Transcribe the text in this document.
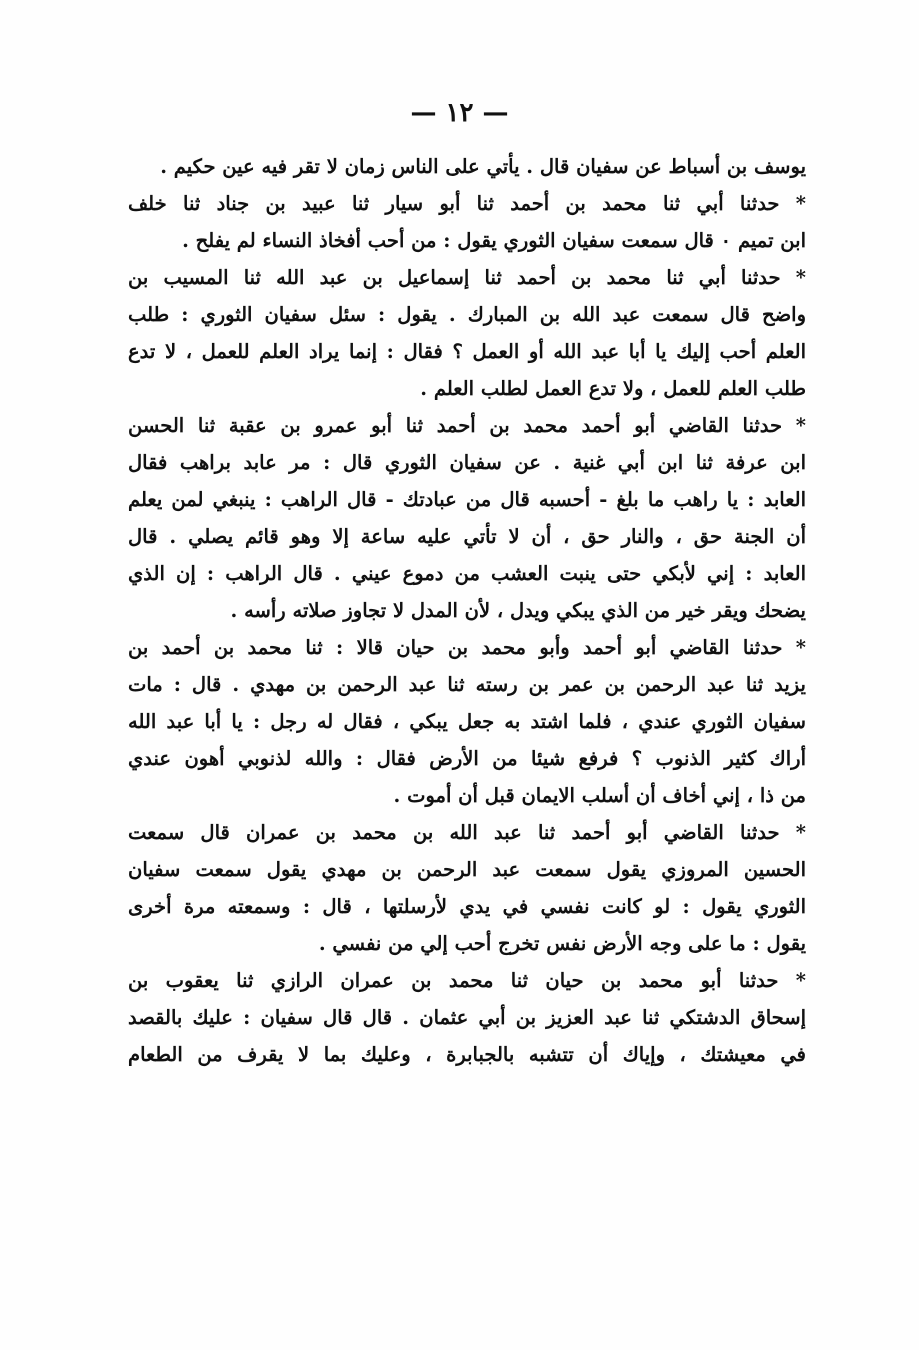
— ١٢ —
يوسف بن أسباط عن سفيان قال . يأتي على الناس زمان لا تقر فيه عين حكيم .
* حدثنا أبي ثنا محمد بن أحمد ثنا أبو سيار ثنا عبيد بن جناد ثنا خلف
ابن تميم ٠ قال سمعت سفيان الثوري يقول : من أحب أفخاذ النساء لم يفلح .
* حدثنا أبي ثنا محمد بن أحمد ثنا إسماعيل بن عبد الله ثنا المسيب بن
واضح قال سمعت عبد الله بن المبارك . يقول : سئل سفيان الثوري : طلب
العلم أحب إليك يا أبا عبد الله أو العمل ؟ فقال : إنما يراد العلم للعمل ، لا تدع
طلب العلم للعمل ، ولا تدع العمل لطلب العلم .
* حدثنا القاضي أبو أحمد محمد بن أحمد ثنا أبو عمرو بن عقبة ثنا الحسن
ابن عرفة ثنا ابن أبي غنية . عن سفيان الثوري قال : مر عابد براهب فقال
العابد : يا راهب ما بلغ - أحسبه قال من عبادتك - قال الراهب : ينبغي لمن يعلم
أن الجنة حق ، والنار حق ، أن لا تأتي عليه ساعة إلا وهو قائم يصلي . قال
العابد : إني لأبكي حتى ينبت العشب من دموع عيني . قال الراهب : إن الذي
يضحك ويقر خير من الذي يبكي ويدل ، لأن المدل لا تجاوز صلاته رأسه .
* حدثنا القاضي أبو أحمد وأبو محمد بن حيان قالا : ثنا محمد بن أحمد بن
يزيد ثنا عبد الرحمن بن عمر بن رسته ثنا عبد الرحمن بن مهدي . قال : مات
سفيان الثوري عندي ، فلما اشتد به جعل يبكي ، فقال له رجل : يا أبا عبد الله
أراك كثير الذنوب ؟ فرفع شيئا من الأرض فقال : والله لذنوبي أهون عندي
من ذا ، إني أخاف أن أسلب الايمان قبل أن أموت .
* حدثنا القاضي أبو أحمد ثنا عبد الله بن محمد بن عمران قال سمعت
الحسين المروزي يقول سمعت عبد الرحمن بن مهدي يقول سمعت سفيان
الثوري يقول : لو كانت نفسي في يدي لأرسلتها ، قال : وسمعته مرة أخرى
يقول : ما على وجه الأرض نفس تخرج أحب إلي من نفسي .
* حدثنا أبو محمد بن حيان ثنا محمد بن عمران الرازي ثنا يعقوب بن
إسحاق الدشتكي ثنا عبد العزيز بن أبي عثمان . قال قال سفيان : عليك بالقصد
في معيشتك ، وإياك أن تتشبه بالجبابرة ، وعليك بما لا يقرف من الطعام
